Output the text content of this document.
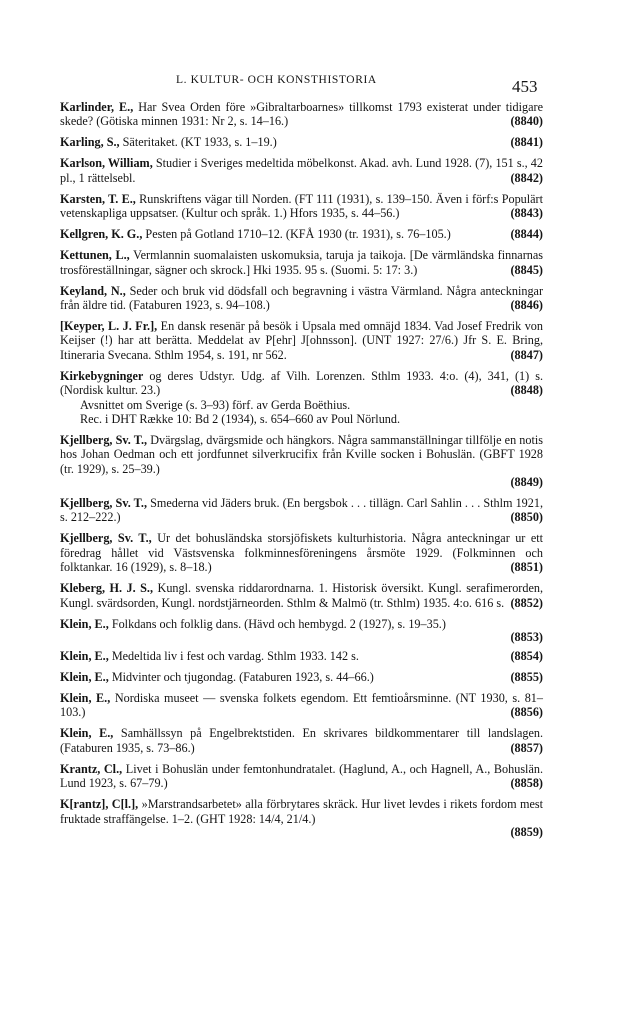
L. KULTUR- OCH KONSTHISTORIA	453
Karlinder, E., Har Svea Orden före »Gibraltarboarnes» tillkomst 1793 existerat under tidigare skede? (Götiska minnen 1931: Nr 2, s. 14–16.)	(8840)
Karling, S., Säteritaket. (KT 1933, s. 1–19.)	(8841)
Karlson, William, Studier i Sveriges medeltida möbelkonst. Akad. avh. Lund 1928. (7), 151 s., 42 pl., 1 rättelsebl.	(8842)
Karsten, T. E., Runskriftens vägar till Norden. (FT 111 (1931), s. 139–150. Även i förf:s Populärt vetenskapliga uppsatser. (Kultur och språk. 1.) Hfors 1935, s. 44–56.)	(8843)
Kellgren, K. G., Pesten på Gotland 1710–12. (KFÅ 1930 (tr. 1931), s. 76–105.)	(8844)
Kettunen, L., Vermlannin suomalaisten uskomuksia, taruja ja taikoja. [De värmländska finnarnas trosföreställningar, sägner och skrock.] Hki 1935. 95 s. (Suomi. 5: 17: 3.)	(8845)
Keyland, N., Seder och bruk vid dödsfall och begravning i västra Värmland. Några anteckningar från äldre tid. (Fataburen 1923, s. 94–108.)	(8846)
[Keyper, L. J. Fr.], En dansk resenär på besök i Upsala med omnäjd 1834. Vad Josef Fredrik von Keijser (!) har att berätta. Meddelat av P[ehr] J[ohnsson]. (UNT 1927: 27/6.) Jfr S. E. Bring, Itineraria Svecana. Sthlm 1954, s. 191, nr 562.	(8847)
Kirkebygninger og deres Udstyr. Udg. af Vilh. Lorenzen. Sthlm 1933. 4:o. (4), 341, (1) s. (Nordisk kultur. 23.)	(8848)
Avsnittet om Sverige (s. 3–93) förf. av Gerda Boëthius.
Rec. i DHT Række 10: Bd 2 (1934), s. 654–660 av Poul Nörlund.
Kjellberg, Sv. T., Dvärgslag, dvärgsmide och hängkors. Några sammanställningar tillfölje en notis hos Johan Oedman och ett jordfunnet silverkrucifix från Kville socken i Bohuslän. (GBFT 1928 (tr. 1929), s. 25–39.)
(8849)
Kjellberg, Sv. T., Smederna vid Jäders bruk. (En bergsbok . . . tillägn. Carl Sahlin . . . Sthlm 1921, s. 212–222.)	(8850)
Kjellberg, Sv. T., Ur det bohusländska storsjöfiskets kulturhistoria. Några anteckningar ur ett föredrag hållet vid Västsvenska folkminnesföreningens årsmöte 1929. (Folkminnen och folktankar. 16 (1929), s. 8–18.)	(8851)
Kleberg, H. J. S., Kungl. svenska riddarordnarna. 1. Historisk översikt. Kungl. serafimerorden, Kungl. svärdsorden, Kungl. nordstjärneorden. Sthlm & Malmö (tr. Sthlm) 1935. 4:o. 616 s. (8852)
Klein, E., Folkdans och folklig dans. (Hävd och hembygd. 2 (1927), s. 19–35.)
(8853)
Klein, E., Medeltida liv i fest och vardag. Sthlm 1933. 142 s.	(8854)
Klein, E., Midvinter och tjugondag. (Fataburen 1923, s. 44–66.)	(8855)
Klein, E., Nordiska museet — svenska folkets egendom. Ett femtioårsminne. (NT 1930, s. 81–103.)	(8856)
Klein, E., Samhällssyn på Engelbrektstiden. En skrivares bildkommentarer till landslagen. (Fataburen 1935, s. 73–86.)	(8857)
Krantz, Cl., Livet i Bohuslän under femtonhundratalet. (Haglund, A., och Hagnell, A., Bohuslän. Lund 1923, s. 67–79.)	(8858)
K[rantz], C[l.], »Marstrandsarbetet» alla förbrytares skräck. Hur livet levdes i rikets fordom mest fruktade straffängelse. 1–2. (GHT 1928: 14/4, 21/4.)
(8859)
